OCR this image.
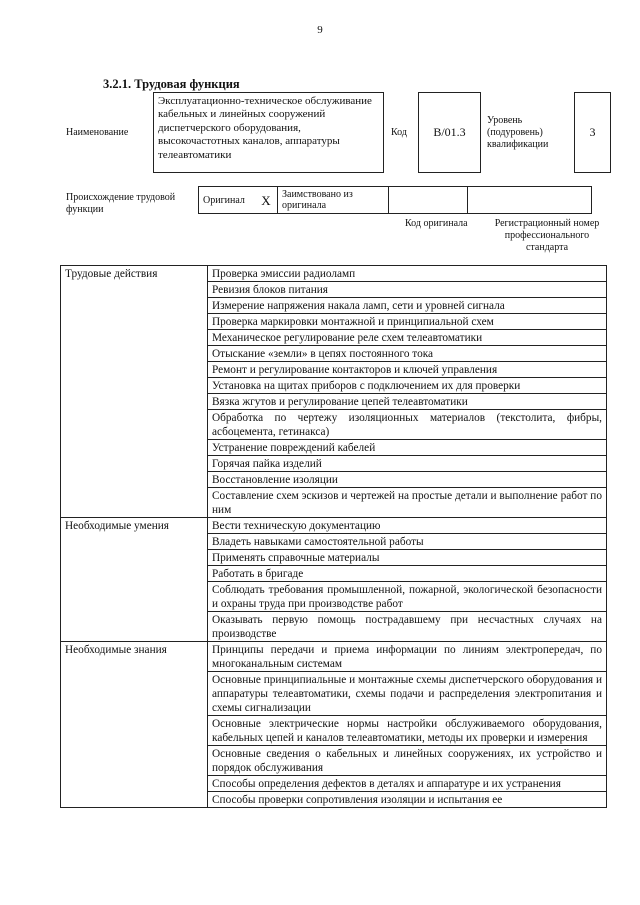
9
3.2.1. Трудовая функция
Наименование
Эксплуатационно-техническое обслуживание кабельных и линейных сооружений диспетчерского оборудования, высокочастотных каналов, аппаратуры телеавтоматики
Код B/01.3
Уровень (подуровень) квалификации
3
Происхождение трудовой функции
Оригинал	X	Заимствовано из оригинала		
Код оригинала	Регистрационный номер профессионального стандарта
Трудовые действия	Проверка эмиссии радиоламп
	Ревизия блоков питания
	Измерение напряжения накала ламп, сети и уровней сигнала
	Проверка маркировки монтажной и принципиальной схем
	Механическое регулирование реле схем телеавтоматики
	Отыскание «земли» в цепях постоянного тока
	Ремонт и регулирование контакторов и ключей управления
	Установка на щитах приборов с подключением их для проверки
	Вязка жгутов и регулирование цепей телеавтоматики
	Обработка по чертежу изоляционных материалов (текстолита, фибры, асбоцемента, гетинакса)
	Устранение повреждений кабелей
	Горячая пайка изделий
	Восстановление изоляции
	Составление схем эскизов и чертежей на простые детали и выполнение работ по ним
Необходимые умения	Вести техническую документацию
	Владеть навыками самостоятельной работы
	Применять справочные материалы
	Работать в бригаде
	Соблюдать требования промышленной, пожарной, экологической безопасности и охраны труда при производстве работ
	Оказывать первую помощь пострадавшему при несчастных случаях на производстве
Необходимые знания	Принципы передачи и приема информации по линиям электропередач, по многоканальным системам
	Основные принципиальные и монтажные схемы диспетчерского оборудования и аппаратуры телеавтоматики, схемы подачи и распределения электропитания и схемы сигнализации
	Основные электрические нормы настройки обслуживаемого оборудования, кабельных цепей и каналов телеавтоматики, методы их проверки и измерения
	Основные сведения о кабельных и линейных сооружениях, их устройство и порядок обслуживания
	Способы определения дефектов в деталях и аппаратуре и их устранения
	Способы проверки сопротивления изоляции и испытания ее
